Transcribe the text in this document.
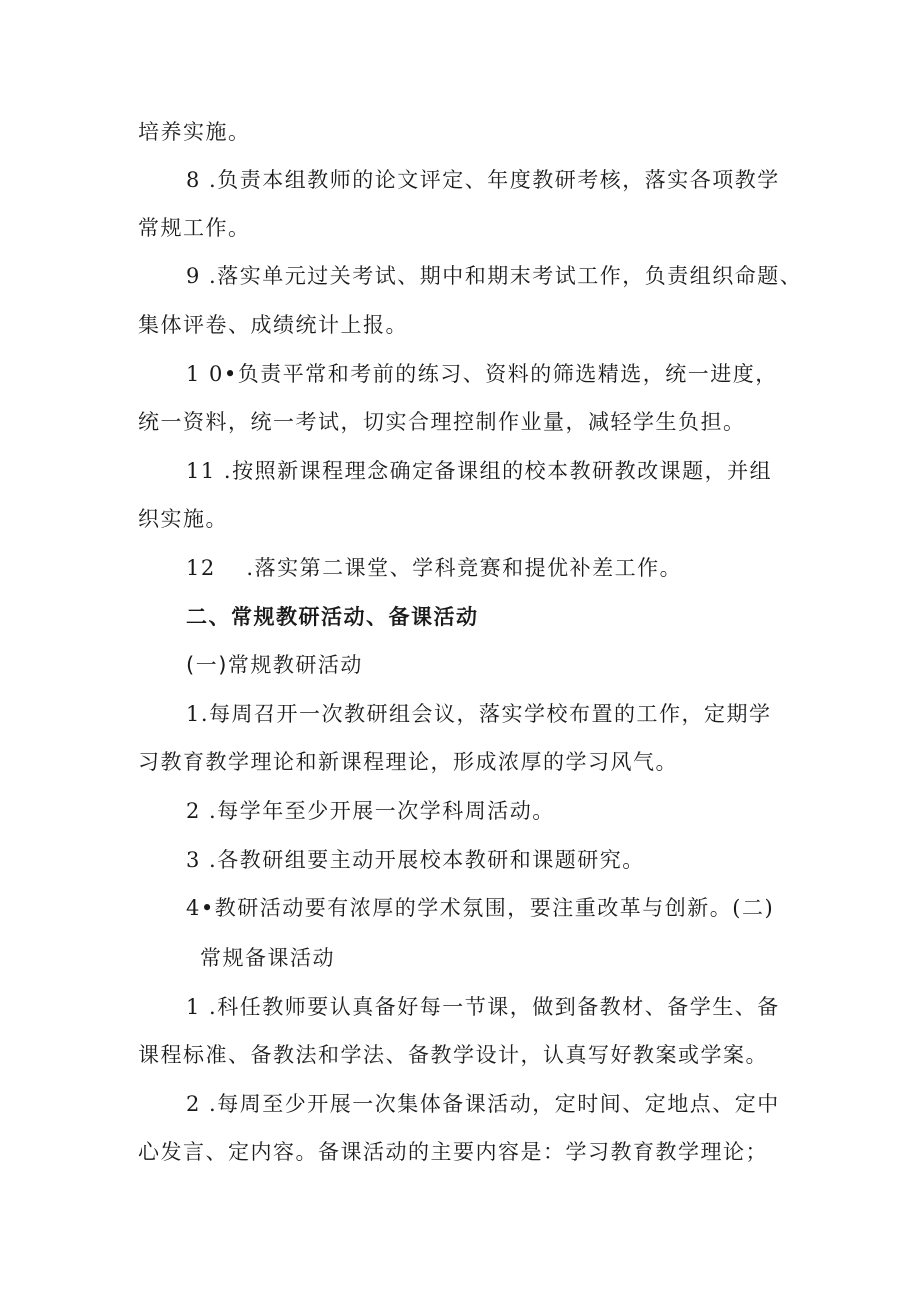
培养实施。
8 .负责本组教师的论文评定、年度教研考核，落实各项教学
常规工作。
9 .落实单元过关考试、期中和期末考试工作，负责组织命题、
集体评卷、成绩统计上报。
1 0•负责平常和考前的练习、资料的筛选精选，统一进度，
统一资料，统一考试，切实合理控制作业量，减轻学生负担。
11 .按照新课程理念确定备课组的校本教研教改课题，并组
织实施。
12　 .落实第二课堂、学科竞赛和提优补差工作。
二、常规教研活动、备课活动
(一)常规教研活动
1.每周召开一次教研组会议，落实学校布置的工作，定期学
习教育教学理论和新课程理论，形成浓厚的学习风气。
2 .每学年至少开展一次学科周活动。
3 .各教研组要主动开展校本教研和课题研究。
4•教研活动要有浓厚的学术氛围，要注重改革与创新。(二)
常规备课活动
1 .科任教师要认真备好每一节课，做到备教材、备学生、备
课程标准、备教法和学法、备教学设计，认真写好教案或学案。
2 .每周至少开展一次集体备课活动，定时间、定地点、定中
心发言、定内容。备课活动的主要内容是：学习教育教学理论；
